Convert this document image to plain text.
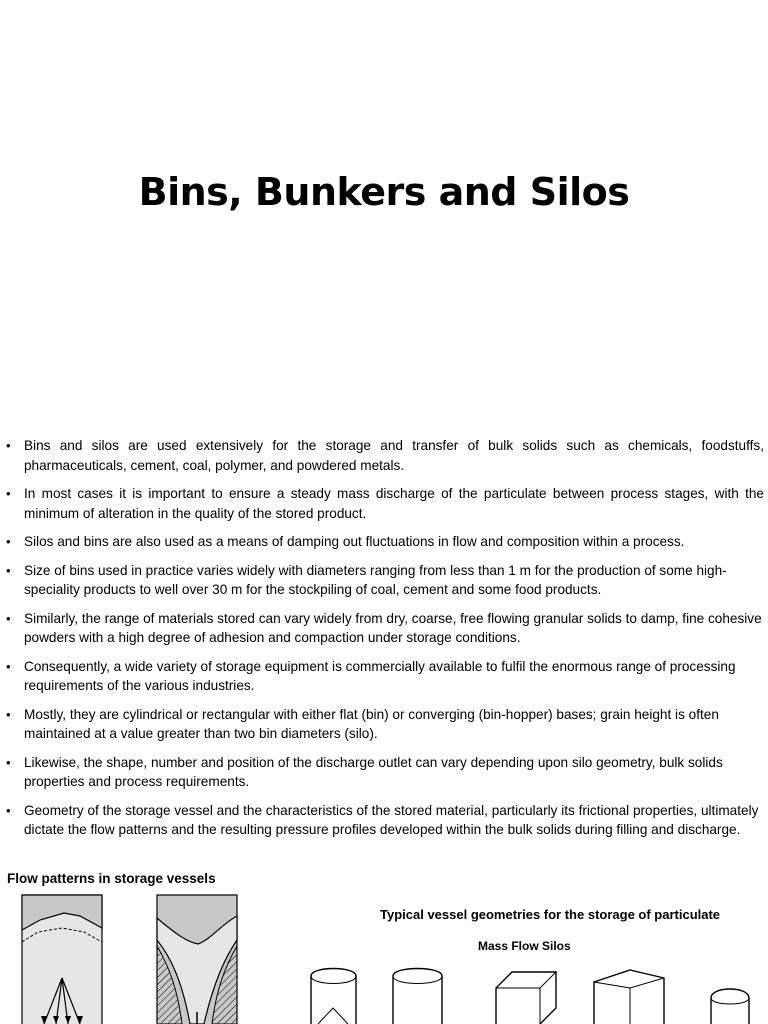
Bins, Bunkers and Silos
• Bins and silos are used extensively for the storage and transfer of bulk solids such as chemicals, foodstuffs, pharmaceuticals, cement, coal, polymer, and powdered metals.
• In most cases it is important to ensure a steady mass discharge of the particulate between process stages, with the minimum of alteration in the quality of the stored product.
• Silos and bins are also used as a means of damping out fluctuations in flow and composition within a process.
• Size of bins used in practice varies widely with diameters ranging from less than 1 m for the production of some high-speciality products to well over 30 m for the stockpiling of coal, cement and some food products.
• Similarly, the range of materials stored can vary widely from dry, coarse, free flowing granular solids to damp, fine cohesive powders with a high degree of adhesion and compaction under storage conditions.
• Consequently, a wide variety of storage equipment is commercially available to fulfil the enormous range of processing requirements of the various industries.
• Mostly, they are cylindrical or rectangular with either flat (bin) or converging (bin-hopper) bases; grain height is often maintained at a value greater than two bin diameters (silo).
• Likewise, the shape, number and position of the discharge outlet can vary depending upon silo geometry, bulk solids properties and process requirements.
• Geometry of the storage vessel and the characteristics of the stored material, particularly its frictional properties, ultimately dictate the flow patterns and the resulting pressure profiles developed within the bulk solids during filling and discharge.
Flow patterns in storage vessels
Typical vessel geometries for the storage of particulate
Mass Flow Silos
